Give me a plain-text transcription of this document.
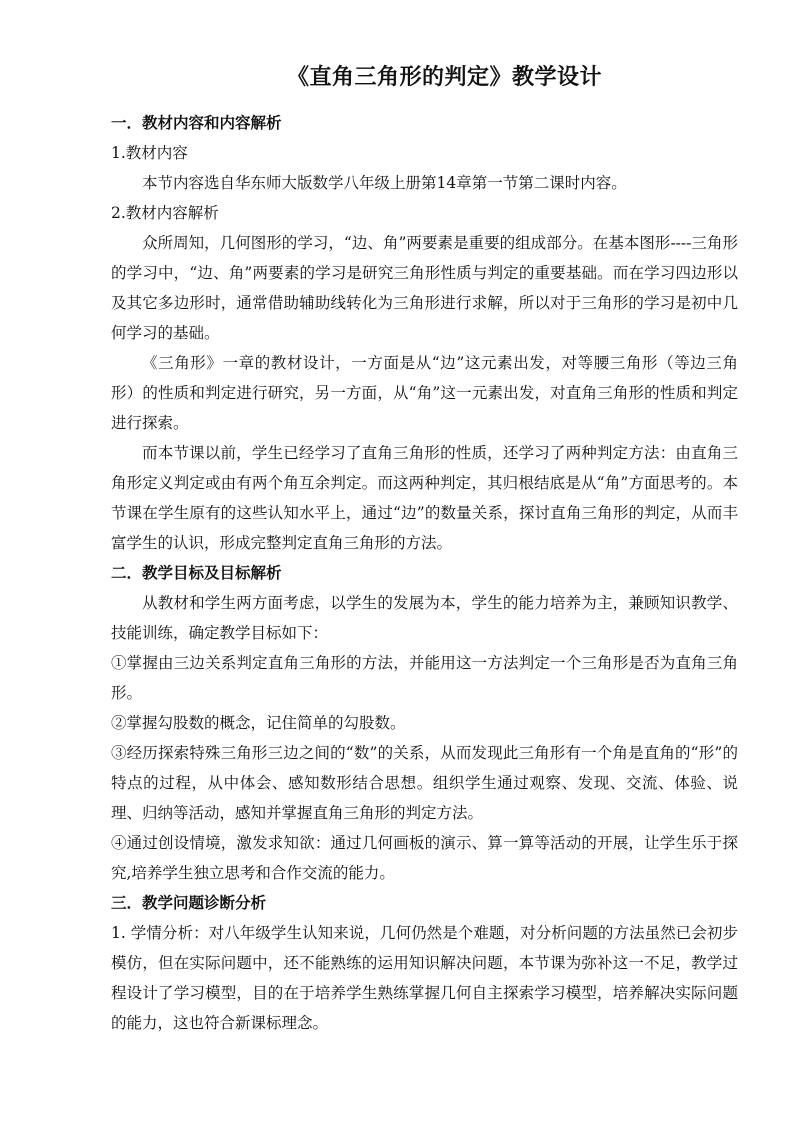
《直角三角形的判定》教学设计

一．教材内容和内容解析

1.教材内容

本节内容选自华东师大版数学八年级上册第14章第一节第二课时内容。

2.教材内容解析

众所周知，几何图形的学习，“边、角”两要素是重要的组成部分。在基本图形----三角形的学习中，“边、角”两要素的学习是研究三角形性质与判定的重要基础。而在学习四边形以及其它多边形时，通常借助辅助线转化为三角形进行求解，所以对于三角形的学习是初中几何学习的基础。

《三角形》一章的教材设计，一方面是从“边”这元素出发，对等腰三角形（等边三角形）的性质和判定进行研究，另一方面，从“角”这一元素出发，对直角三角形的性质和判定进行探索。

而本节课以前，学生已经学习了直角三角形的性质，还学习了两种判定方法：由直角三角形定义判定或由有两个角互余判定。而这两种判定，其归根结底是从“角”方面思考的。本节课在学生原有的这些认知水平上，通过“边”的数量关系，探讨直角三角形的判定，从而丰富学生的认识，形成完整判定直角三角形的方法。

二．教学目标及目标解析

从教材和学生两方面考虑，以学生的发展为本，学生的能力培养为主，兼顾知识教学、技能训练，确定教学目标如下：

①掌握由三边关系判定直角三角形的方法，并能用这一方法判定一个三角形是否为直角三角形。

②掌握勾股数的概念，记住简单的勾股数。

③经历探索特殊三角形三边之间的“数”的关系，从而发现此三角形有一个角是直角的“形”的特点的过程，从中体会、感知数形结合思想。组织学生通过观察、发现、交流、体验、说理、归纳等活动，感知并掌握直角三角形的判定方法。

④通过创设情境，激发求知欲：通过几何画板的演示、算一算等活动的开展，让学生乐于探究,培养学生独立思考和合作交流的能力。

三．教学问题诊断分析

1. 学情分析：对八年级学生认知来说，几何仍然是个难题，对分析问题的方法虽然已会初步模仿，但在实际问题中，还不能熟练的运用知识解决问题，本节课为弥补这一不足，教学过程设计了学习模型，目的在于培养学生熟练掌握几何自主探索学习模型，培养解决实际问题的能力，这也符合新课标理念。
